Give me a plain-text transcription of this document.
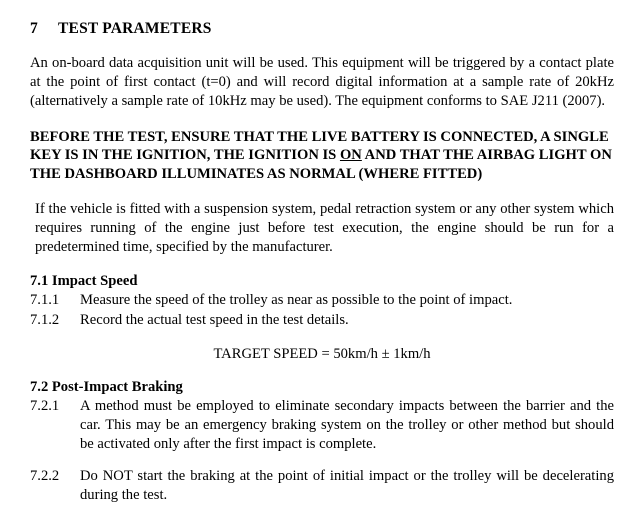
7 TEST PARAMETERS

An on-board data acquisition unit will be used. This equipment will be triggered by a contact plate at the point of first contact (t=0) and will record digital information at a sample rate of 20kHz (alternatively a sample rate of 10kHz may be used). The equipment conforms to SAE J211 (2007).

BEFORE THE TEST, ENSURE THAT THE LIVE BATTERY IS CONNECTED, A SINGLE KEY IS IN THE IGNITION, THE IGNITION IS ON AND THAT THE AIRBAG LIGHT ON THE DASHBOARD ILLUMINATES AS NORMAL (WHERE FITTED)

If the vehicle is fitted with a suspension system, pedal retraction system or any other system which requires running of the engine just before test execution, the engine should be run for a predetermined time, specified by the manufacturer.

7.1 Impact Speed
7.1.1	Measure the speed of the trolley as near as possible to the point of impact.
7.1.2	Record the actual test speed in the test details.
TARGET SPEED = 50km/h ± 1km/h
7.2 Post-Impact Braking
7.2.1	A method must be employed to eliminate secondary impacts between the barrier and the car. This may be an emergency braking system on the trolley or other method but should be activated only after the first impact is complete.
7.2.2	Do NOT start the braking at the point of initial impact or the trolley will be decelerating during the test.
